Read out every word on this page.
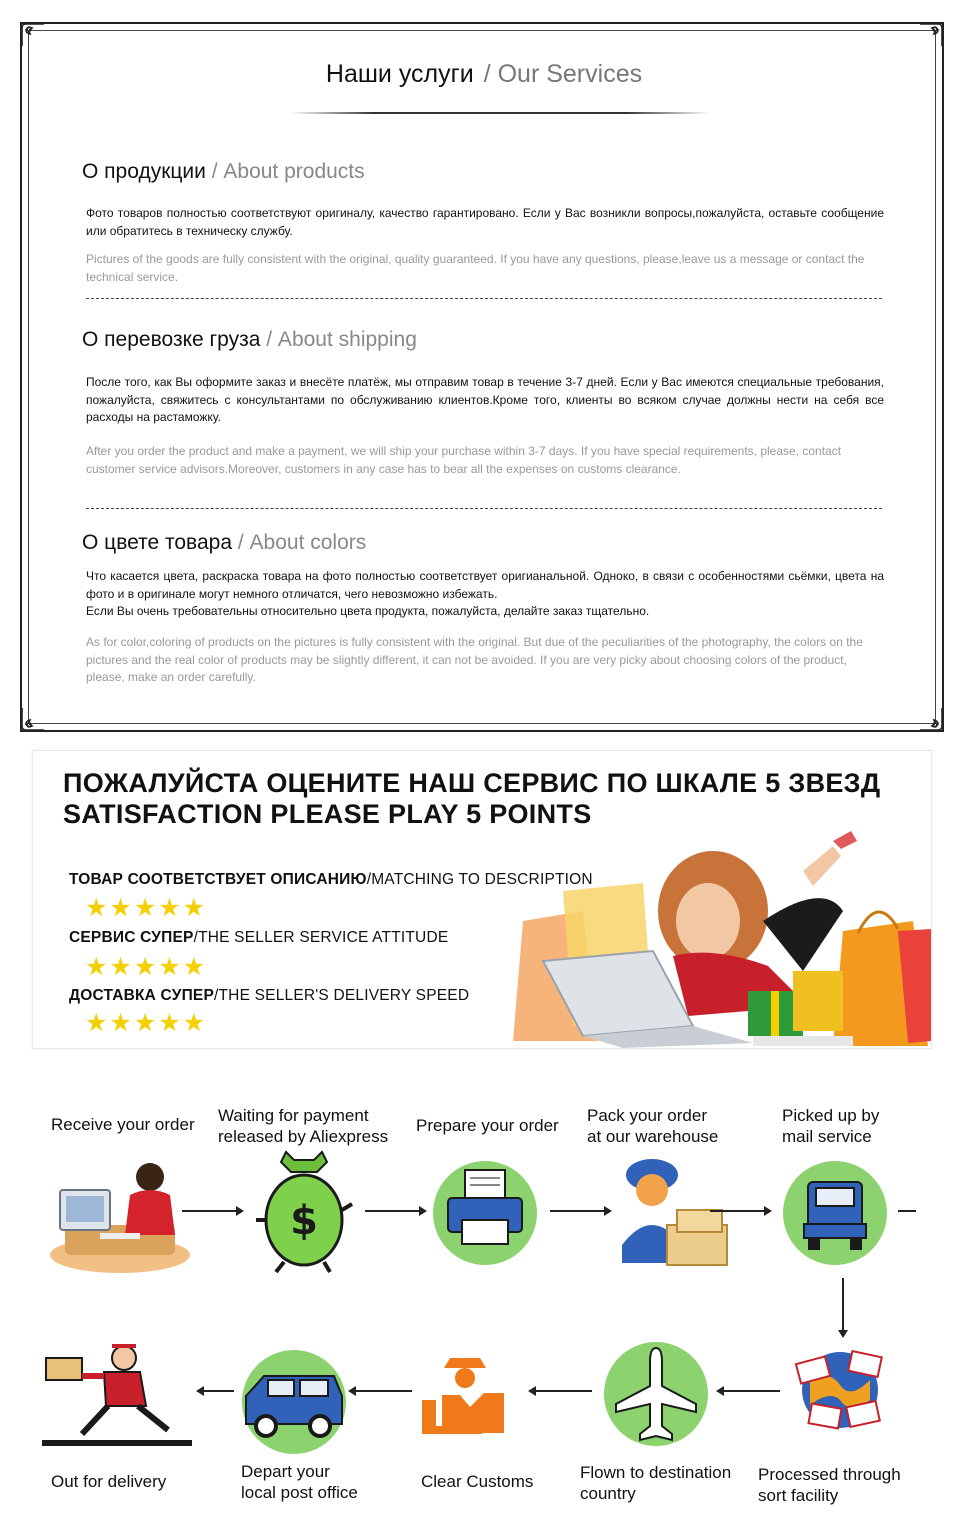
Наши услуги / Our Services
О продукции / About products
Фото товаров полностью соответствуют оригиналу, качество гарантировано. Если у Вас возникли вопросы,пожалуйста, оставьте сообщение или обратитесь в техническу службу.
Pictures of the goods are fully consistent with the original, quality guaranteed. If you have any questions, please,leave us a message or contact the technical service.
О перевозке груза / About shipping
После того, как Вы оформите заказ и внесёте платёж, мы отправим товар в течение 3-7 дней. Если у Вас имеются специальные требования, пожалуйста, свяжитесь с консультантами по обслуживанию клиентов.Кроме того, клиенты во всяком случае должны нести на себя все расходы на растаможку.
After you order the product and make a payment, we will ship your purchase within 3-7 days. If you have special requirements, please, contact customer service advisors.Moreover, customers in any case has to bear all the expenses on customs clearance.
О цвете товара / About colors
Что касается цвета, раскраска товара на фото полностью соответствует оригианальной. Одноко, в связи с особенностями сьёмки, цвета на фото и в оригинале могут немного отличатся, чего невозможно избежать.
Если Вы очень требовательны относительно цвета продукта, пожалуйста, делайте заказ тщательно.
As for color,coloring of products on the pictures is fully consistent with the original. But due of the peculiarities of the photography, the colors on the pictures and the real color of products may be slightly different, it can not be avoided. If you are very picky about choosing colors of the product, please, make an order carefully.
ПОЖАЛУЙСТА ОЦЕНИТЕ НАШ СЕРВИС ПО ШКАЛЕ 5 ЗВЕЗД
SATISFACTION PLEASE PLAY 5 POINTS
ТОВАР СООТВЕТСТВУЕТ ОПИСАНИЮ/MATCHING TO DESCRIPTION
★★★★★
СЕРВИС СУПЕР/THE SELLER SERVICE ATTITUDE
★★★★★
ДОСТАВКА СУПЕР/THE SELLER'S DELIVERY SPEED
★★★★★
Receive your order Waiting for payment
released by Aliexpress
Prepare your order
Pack your order
at our warehouse
Picked up by
mail service
$
Processed through
sort facility
Flown to destination
country
Clear Customs
Depart your
local post office
Out for delivery
